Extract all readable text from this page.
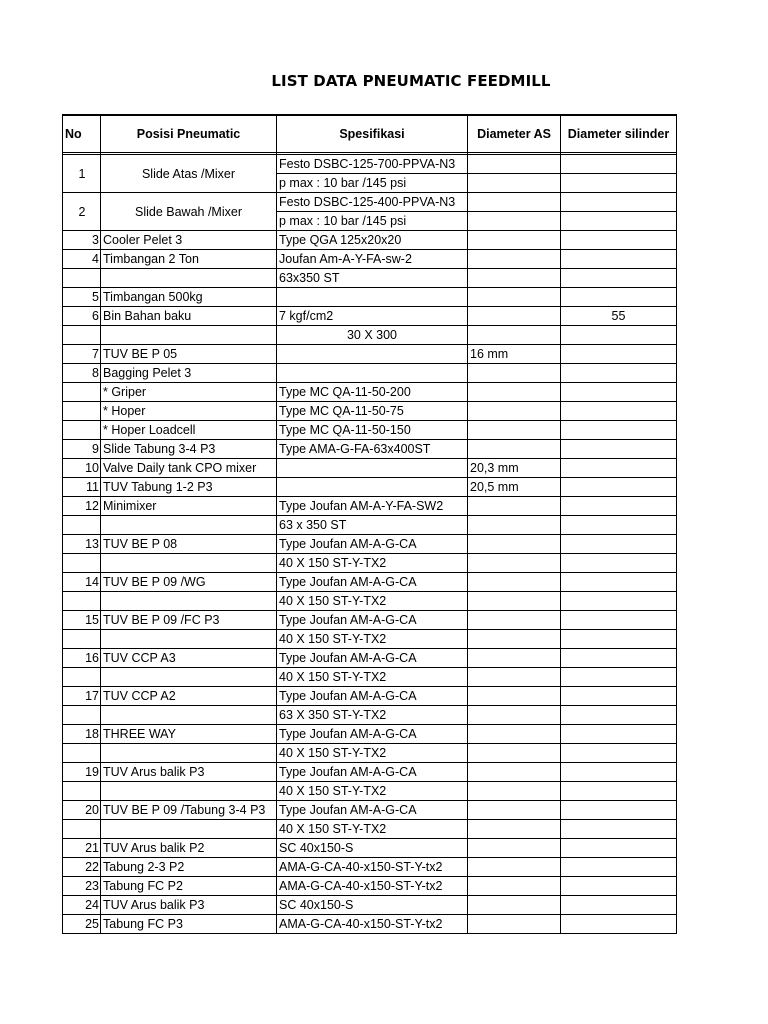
LIST DATA PNEUMATIC FEEDMILL
No	Posisi Pneumatic	Spesifikasi	Diameter AS	Diameter silinder

1	Slide Atas /Mixer	Festo DSBC-125-700-PPVA-N3		
		p max : 10 bar /145 psi		
2	Slide Bawah /Mixer	Festo DSBC-125-400-PPVA-N3		
		p max : 10 bar /145 psi		
3	Cooler Pelet 3	Type QGA 125x20x20		
4	Timbangan 2 Ton	Joufan Am-A-Y-FA-sw-2		
		63x350 ST		
5	Timbangan 500kg			
6	Bin Bahan baku	7 kgf/cm2		55
		30 X 300		
7	TUV BE P 05		16 mm	
8	Bagging Pelet 3			
	* Griper	Type MC QA-11-50-200		
	* Hoper	Type MC QA-11-50-75		
	* Hoper Loadcell	Type MC QA-11-50-150		
9	Slide Tabung 3-4 P3	Type AMA-G-FA-63x400ST		
10	Valve Daily tank CPO mixer		20,3 mm	
11	TUV Tabung 1-2 P3		20,5 mm	
12	Minimixer	Type Joufan AM-A-Y-FA-SW2		
		63 x 350 ST		
13	TUV BE P 08	Type Joufan AM-A-G-CA		
		40 X 150 ST-Y-TX2		
14	TUV BE P 09 /WG	Type Joufan AM-A-G-CA		
		40 X 150 ST-Y-TX2		
15	TUV BE P 09 /FC P3	Type Joufan AM-A-G-CA		
		40 X 150 ST-Y-TX2		
16	TUV CCP A3	Type Joufan AM-A-G-CA		
		40 X 150 ST-Y-TX2		
17	TUV CCP A2	Type Joufan AM-A-G-CA		
		63 X 350 ST-Y-TX2		
18	THREE WAY	Type Joufan AM-A-G-CA		
		40 X 150 ST-Y-TX2		
19	TUV Arus balik P3	Type Joufan AM-A-G-CA		
		40 X 150 ST-Y-TX2		
20	TUV BE P 09 /Tabung 3-4 P3	Type Joufan AM-A-G-CA		
		40 X 150 ST-Y-TX2		
21	TUV Arus balik P2	SC 40x150-S		
22	Tabung 2-3 P2	AMA-G-CA-40-x150-ST-Y-tx2		
23	Tabung FC P2	AMA-G-CA-40-x150-ST-Y-tx2		
24	TUV Arus balik P3	SC 40x150-S		
25	Tabung FC P3	AMA-G-CA-40-x150-ST-Y-tx2		
